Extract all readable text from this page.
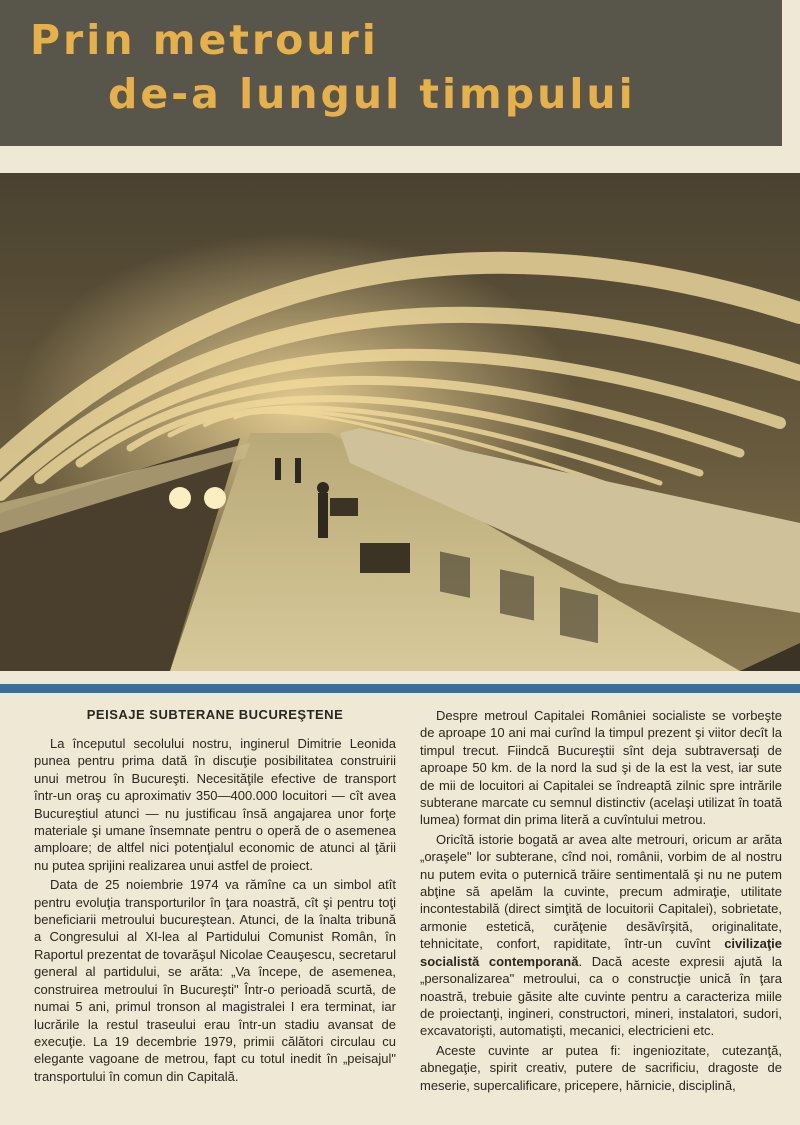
Prin metrouri
de-a lungul timpului
PEISAJE SUBTERANE BUCUREŞTENE

La începutul secolului nostru, inginerul Dimitrie Leonida punea pentru prima dată în discuţie posibilitatea construirii unui metrou în Bucureşti. Necesităţile efective de transport într-un oraş cu aproximativ 350—400.000 locuitori — cît avea Bucureştiul atunci — nu justificau însă angajarea unor forţe materiale şi umane însemnate pentru o operă de o asemenea amploare; de altfel nici potenţialul economic de atunci al ţării nu putea sprijini realizarea unui astfel de proiect.

Data de 25 noiembrie 1974 va rămîne ca un simbol atît pentru evoluţia transporturilor în ţara noastră, cît şi pentru toţi beneficiarii metroului bucureştean. Atunci, de la înalta tribună a Congresului al XI-lea al Partidului Comunist Român, în Raportul prezentat de tovarăşul Nicolae Ceauşescu, secretarul general al partidului, se arăta: „Va începe, de asemenea, construirea metroului în Bucureşti" Într-o perioadă scurtă, de numai 5 ani, primul tronson al magistralei I era terminat, iar lucrările la restul traseului erau într-un stadiu avansat de execuţie. La 19 decembrie 1979, primii călători circulau cu elegante vagoane de metrou, fapt cu totul inedit în „peisajul" transportului în comun din Capitală.

Despre metroul Capitalei României socialiste se vorbeşte de aproape 10 ani mai curînd la timpul prezent şi viitor decît la timpul trecut. Fiindcă Bucureştii sînt deja subtraversaţi de aproape 50 km. de la nord la sud şi de la est la vest, iar sute de mii de locuitori ai Capitalei se îndreaptă zilnic spre intrările subterane marcate cu semnul distinctiv (acelaşi utilizat în toată lumea) format din prima literă a cuvîntului metrou.

Oricîtă istorie bogată ar avea alte metrouri, oricum ar arăta „oraşele" lor subterane, cînd noi, românii, vorbim de al nostru nu putem evita o puternică trăire sentimentală şi nu ne putem abţine să apelăm la cuvinte, precum admiraţie, utilitate incontestabilă (direct simţită de locuitorii Capitalei), sobrietate, armonie estetică, curăţenie desăvîrşită, originalitate, tehnicitate, confort, rapiditate, într-un cuvînt civilizaţie socialistă contemporană. Dacă aceste expresii ajută la „personalizarea" metroului, ca o construcţie unică în ţara noastră, trebuie găsite alte cuvinte pentru a caracteriza miile de proiectanţi, ingineri, constructori, mineri, instalatori, sudori, excavatorişti, automatişti, mecanici, electricieni etc.

Aceste cuvinte ar putea fi: ingeniozitate, cutezanţă, abnegaţie, spirit creativ, putere de sacrificiu, dragoste de meserie, supercalificare, pricepere, hărnicie, disciplină,
